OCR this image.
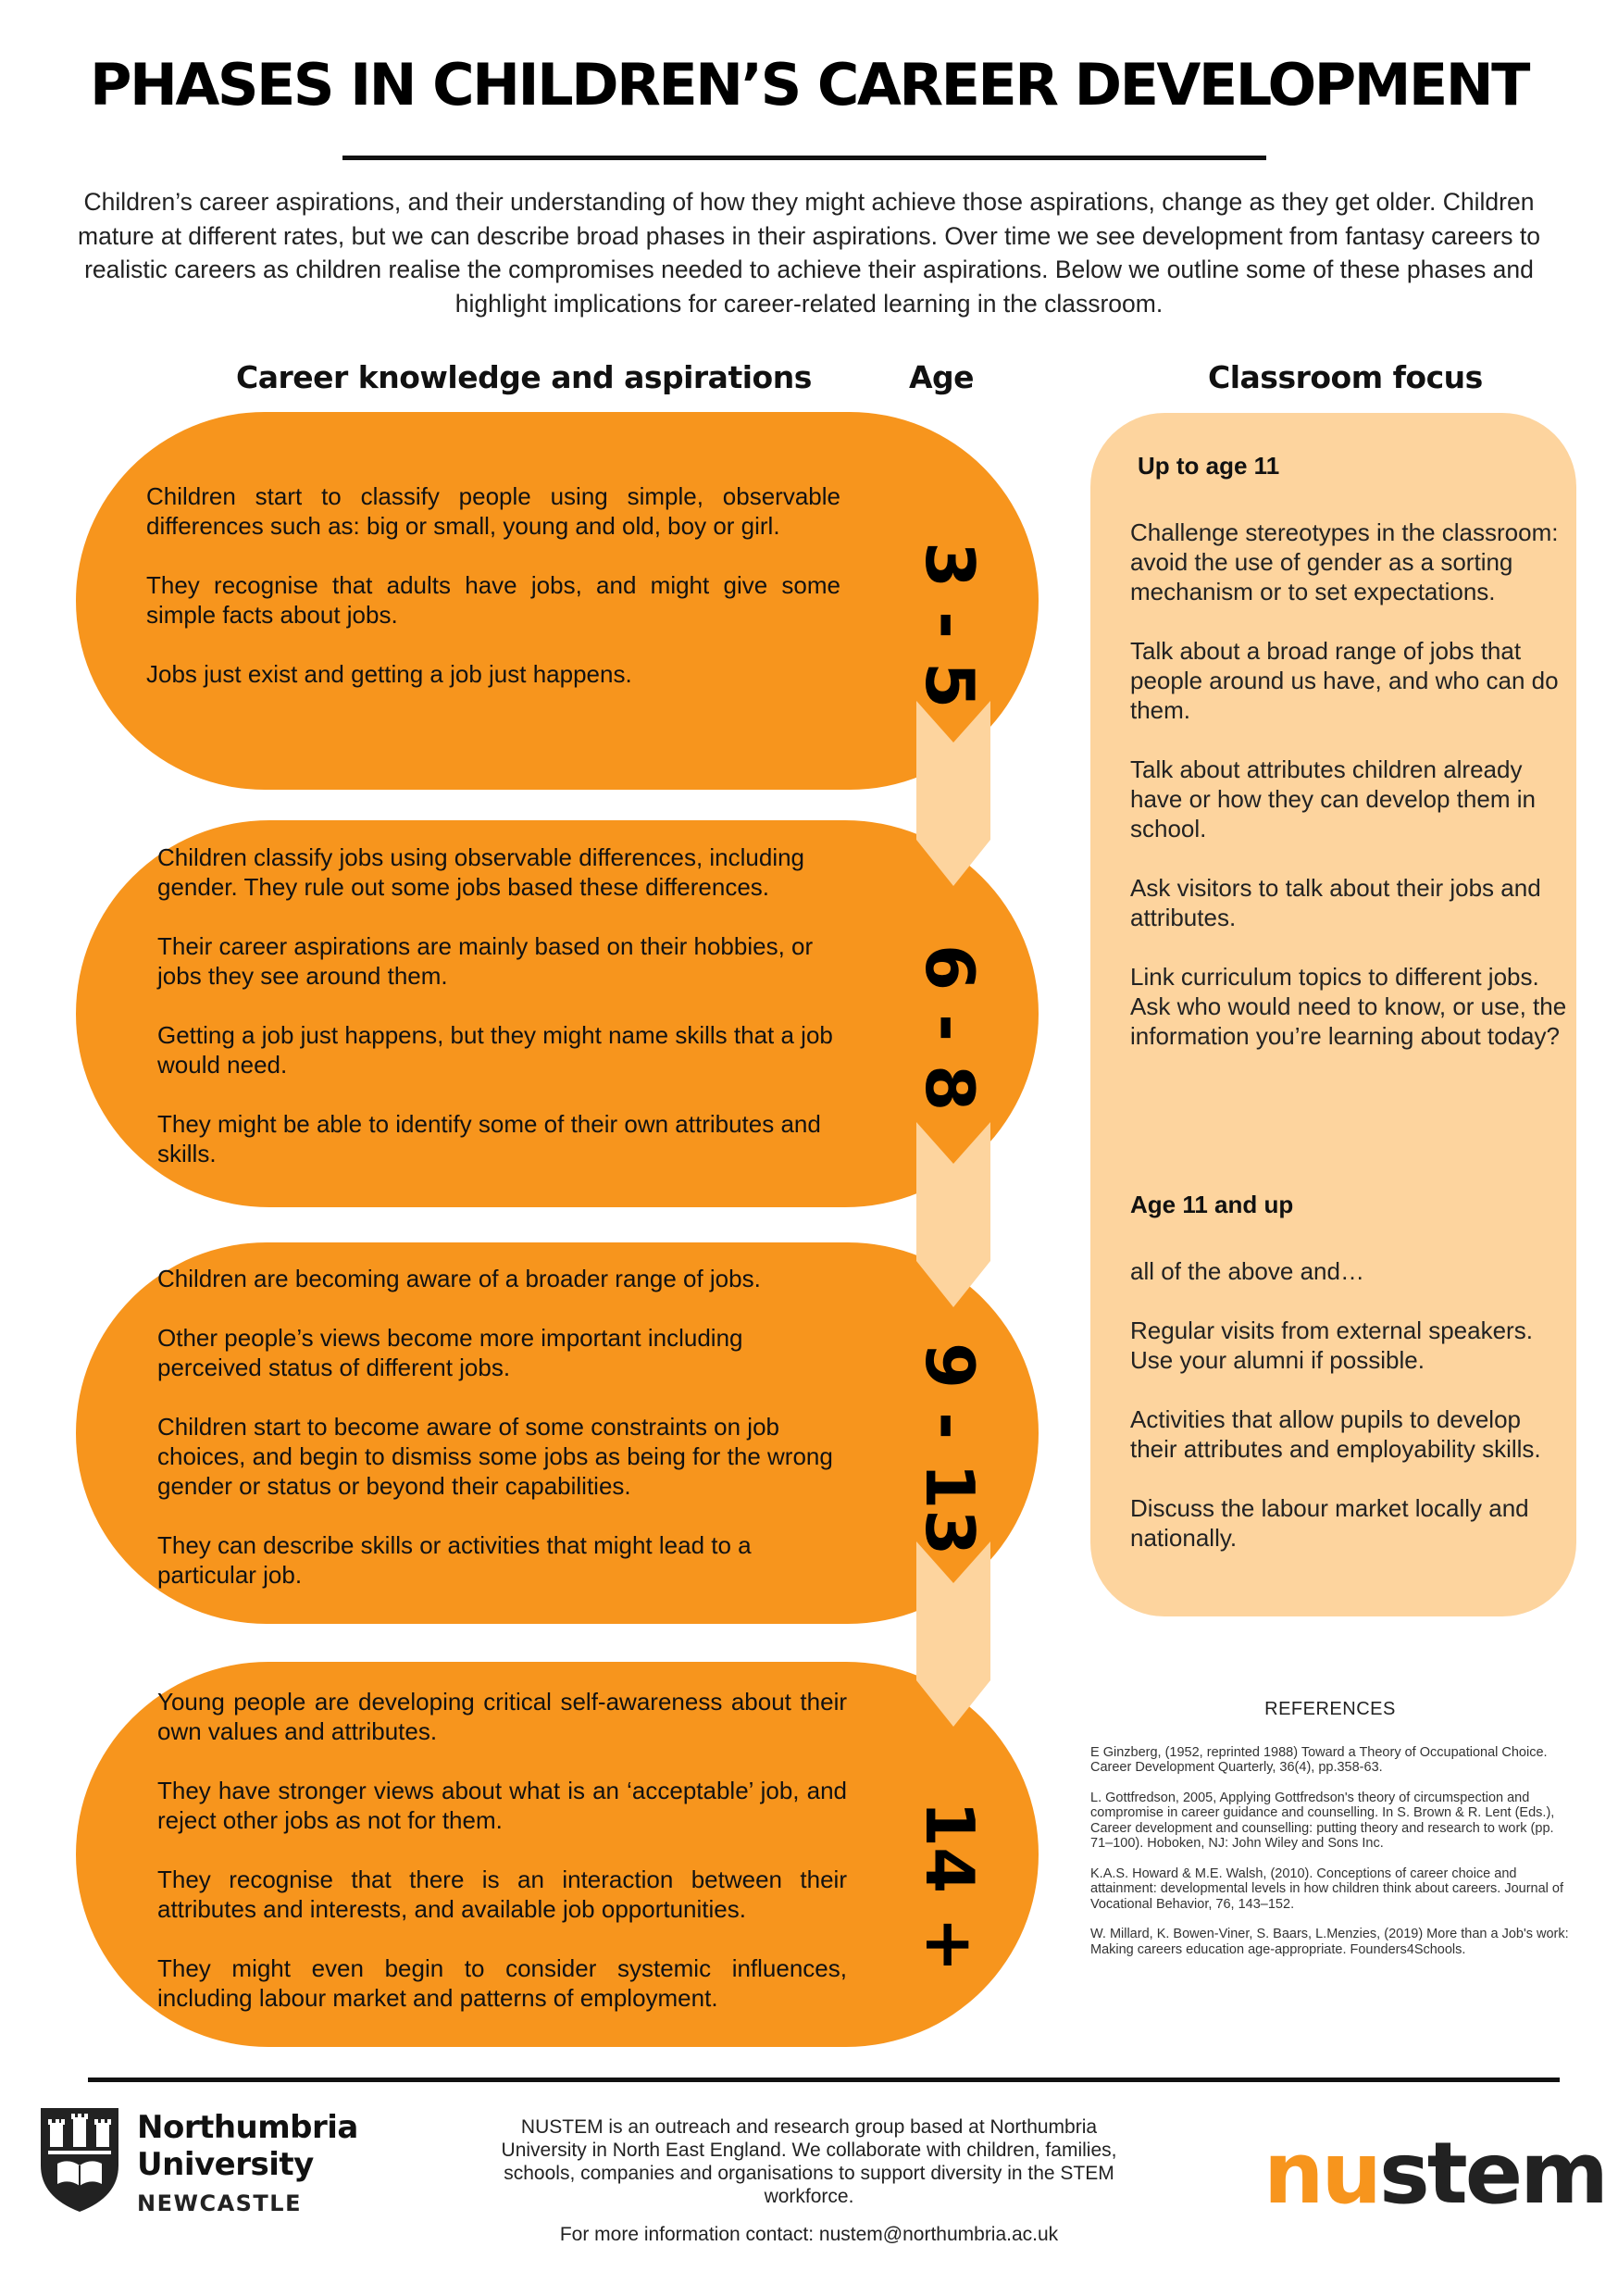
PHASES IN CHILDREN’S CAREER DEVELOPMENT
Children’s career aspirations, and their understanding of how they might achieve those aspirations, change as they get older. Children mature at different rates, but we can describe broad phases in their aspirations. Over time we see development from fantasy careers to realistic careers as children realise the compromises needed to achieve their aspirations. Below we outline some of these phases and highlight implications for career-related learning in the classroom.
Career knowledge and aspirations	Age	Classroom focus

Children start to classify people using simple, observable differences such as: big or small, young and old, boy or girl.

They recognise that adults have jobs, and might give some simple facts about jobs.

Jobs just exist and getting a job just happens.

Children classify jobs using observable differences, including gender. They rule out some jobs based these differences.

Their career aspirations are mainly based on their hobbies, or jobs they see around them.

Getting a job just happens, but they might name skills that a job would need.

They might be able to identify some of their own attributes and skills.

Children are becoming aware of a broader range of jobs.

Other people’s views become more important including perceived status of different jobs.

Children start to become aware of some constraints on job choices, and begin to dismiss some jobs as being for the wrong gender or status or beyond their capabilities.

They can describe skills or activities that might lead to a particular job.

Young people are developing critical self-awareness about their own values and attributes.

They have stronger views about what is an ‘acceptable’ job, and reject other jobs as not for them.

They recognise that there is an interaction between their attributes and interests, and available job opportunities.

They might even begin to consider systemic influences, including labour market and patterns of employment.

3 - 5
6 - 8
9 - 13
14 +

Up to age 11

Challenge stereotypes in the classroom: avoid the use of gender as a sorting mechanism or to set expectations.

Talk about a broad range of jobs that people around us have, and who can do them.

Talk about attributes children already have or how they can develop them in school.

Ask visitors to talk about their jobs and attributes.

Link curriculum topics to different jobs. Ask who would need to know, or use, the information you’re learning about today?

Age 11 and up

all of the above and…

Regular visits from external speakers. Use your alumni if possible.

Activities that allow pupils to develop their attributes and employability skills.

Discuss the labour market locally and nationally.

REFERENCES

E Ginzberg, (1952, reprinted 1988) Toward a Theory of Occupational Choice. Career Development Quarterly, 36(4), pp.358-63.

L. Gottfredson, 2005, Applying Gottfredson's theory of circumspection and compromise in career guidance and counselling. In S. Brown & R. Lent (Eds.), Career development and counselling: putting theory and research to work (pp. 71–100). Hoboken, NJ: John Wiley and Sons Inc.

K.A.S. Howard & M.E. Walsh, (2010). Conceptions of career choice and attainment: developmental levels in how children think about careers. Journal of Vocational Behavior, 76, 143–152.

W. Millard, K. Bowen-Viner, S. Baars, L.Menzies, (2019) More than a Job's work: Making careers education age-appropriate. Founders4Schools.

Northumbria
University
NEWCASTLE
NUSTEM is an outreach and research group based at Northumbria University in North East England. We collaborate with children, families, schools, companies and organisations to support diversity in the STEM workforce.
For more information contact: nustem@northumbria.ac.uk
nustem
